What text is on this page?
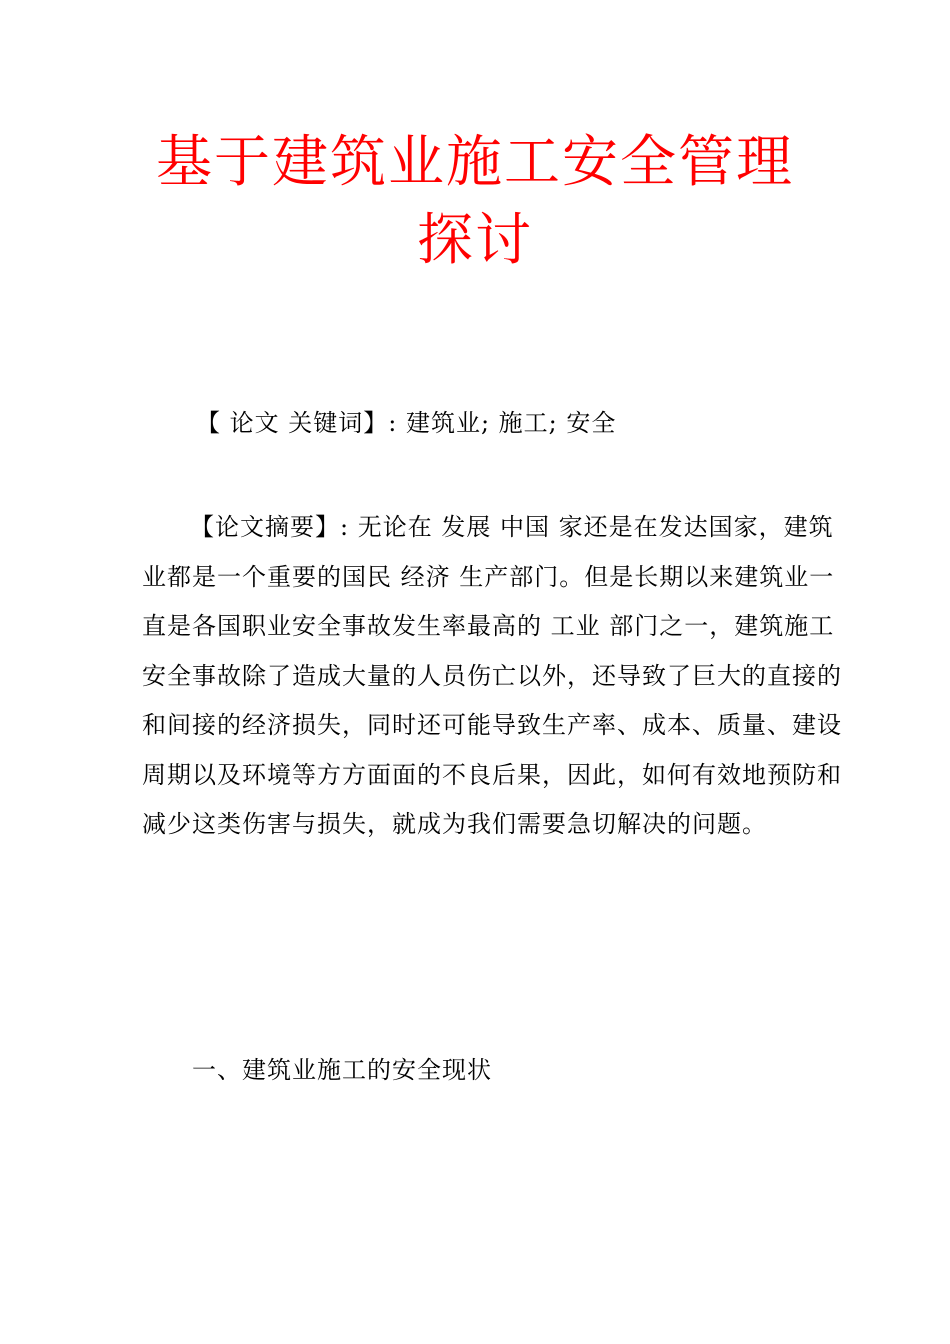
基于建筑业施工安全管理
探讨
【 论文 关键词】: 建筑业; 施工; 安全

【论文摘要】: 无论在 发展 中国 家还是在发达国家，建筑业都是一个重要的国民 经济 生产部门。但是长期以来建筑业一直是各国职业安全事故发生率最高的 工业 部门之一，建筑施工安全事故除了造成大量的人员伤亡以外，还导致了巨大的直接的和间接的经济损失，同时还可能导致生产率、成本、质量、建设周期以及环境等方方面面的不良后果，因此，如何有效地预防和减少这类伤害与损失，就成为我们需要急切解决的问题。

一、建筑业施工的安全现状
